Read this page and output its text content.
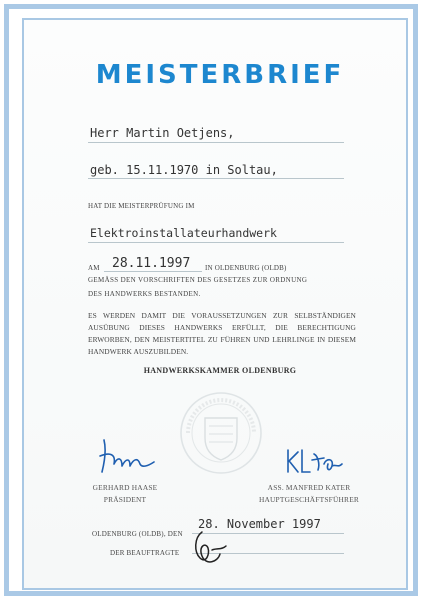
MEISTERBRIEF
Herr Martin Oetjens,
geb. 15.11.1970 in Soltau,
HAT DIE MEISTERPRÜFUNG IM
Elektroinstallateurhandwerk
AM 28.11.1997 IN OLDENBURG (OLDB)
GEMÄSS DEN VORSCHRIFTEN DES GESETZES ZUR ORDNUNG
DES HANDWERKS BESTANDEN.
ES WERDEN DAMIT DIE VORAUSSETZUNGEN ZUR SELBSTÄNDIGEN AUSÜBUNG DIESES HANDWERKS ERFÜLLT, DIE BERECHTIGUNG ERWORBEN, DEN MEISTERTITEL ZU FÜHREN UND LEHRLINGE IN DIESEM HANDWERK AUSZUBILDEN.
HANDWERKSKAMMER OLDENBURG
GERHARD HAASE
PRÄSIDENT
ASS. MANFRED KATER
HAUPTGESCHÄFTSFÜHRER
OLDENBURG (OLDB), DEN
28. November 1997
DER BEAUFTRAGTE
